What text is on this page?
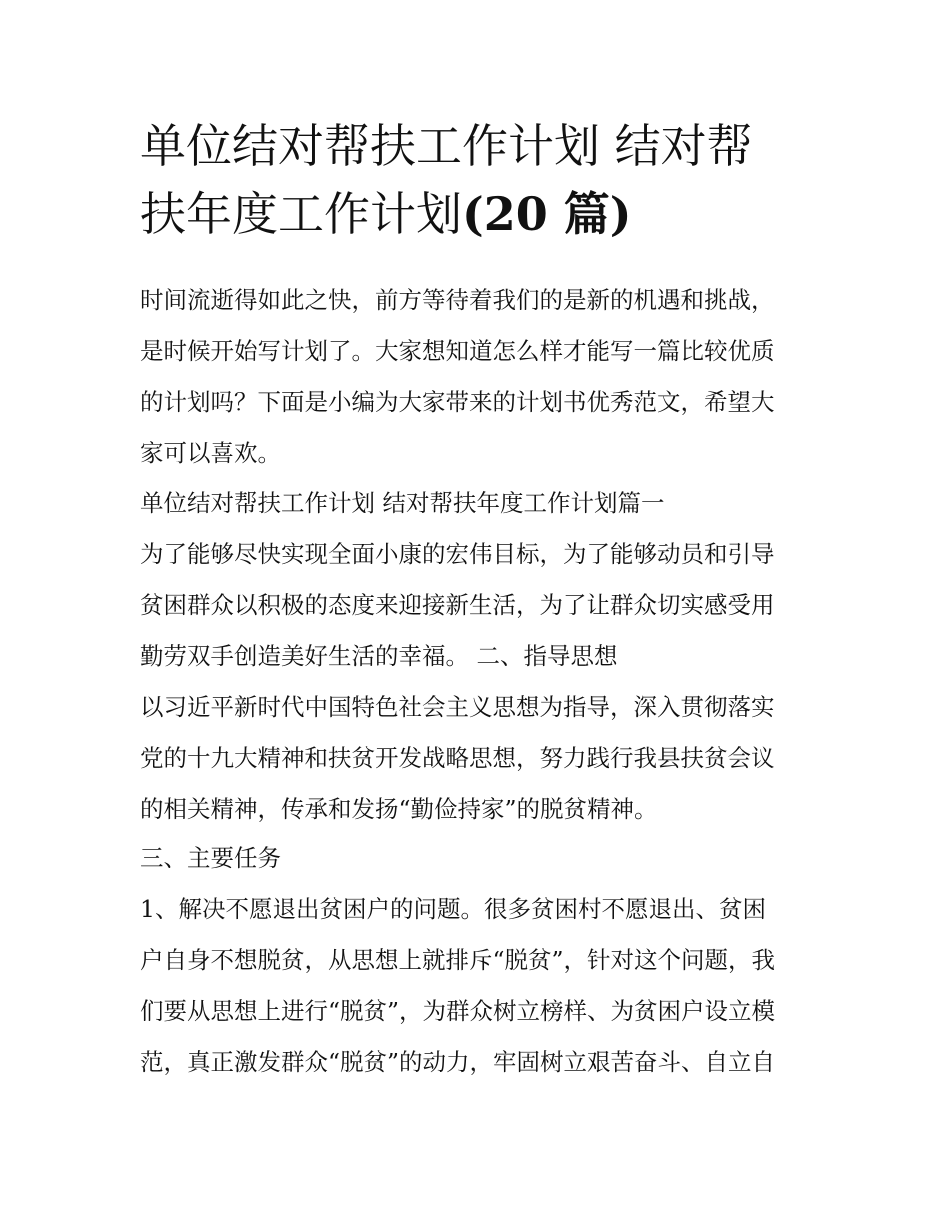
单位结对帮扶工作计划 结对帮
扶年度工作计划(20 篇)
时间流逝得如此之快，前方等待着我们的是新的机遇和挑战，
是时候开始写计划了。大家想知道怎么样才能写一篇比较优质
的计划吗？下面是小编为大家带来的计划书优秀范文，希望大
家可以喜欢。
单位结对帮扶工作计划 结对帮扶年度工作计划篇一
为了能够尽快实现全面小康的宏伟目标，为了能够动员和引导
贫困群众以积极的态度来迎接新生活，为了让群众切实感受用
勤劳双手创造美好生活的幸福。 二、指导思想
以习近平新时代中国特色社会主义思想为指导，深入贯彻落实
党的十九大精神和扶贫开发战略思想，努力践行我县扶贫会议
的相关精神，传承和发扬“勤俭持家”的脱贫精神。
三、主要任务
1、解决不愿退出贫困户的问题。很多贫困村不愿退出、贫困
户自身不想脱贫，从思想上就排斥“脱贫”，针对这个问题，我
们要从思想上进行“脱贫”，为群众树立榜样、为贫困户设立模
范，真正激发群众“脱贫”的动力，牢固树立艰苦奋斗、自立自
